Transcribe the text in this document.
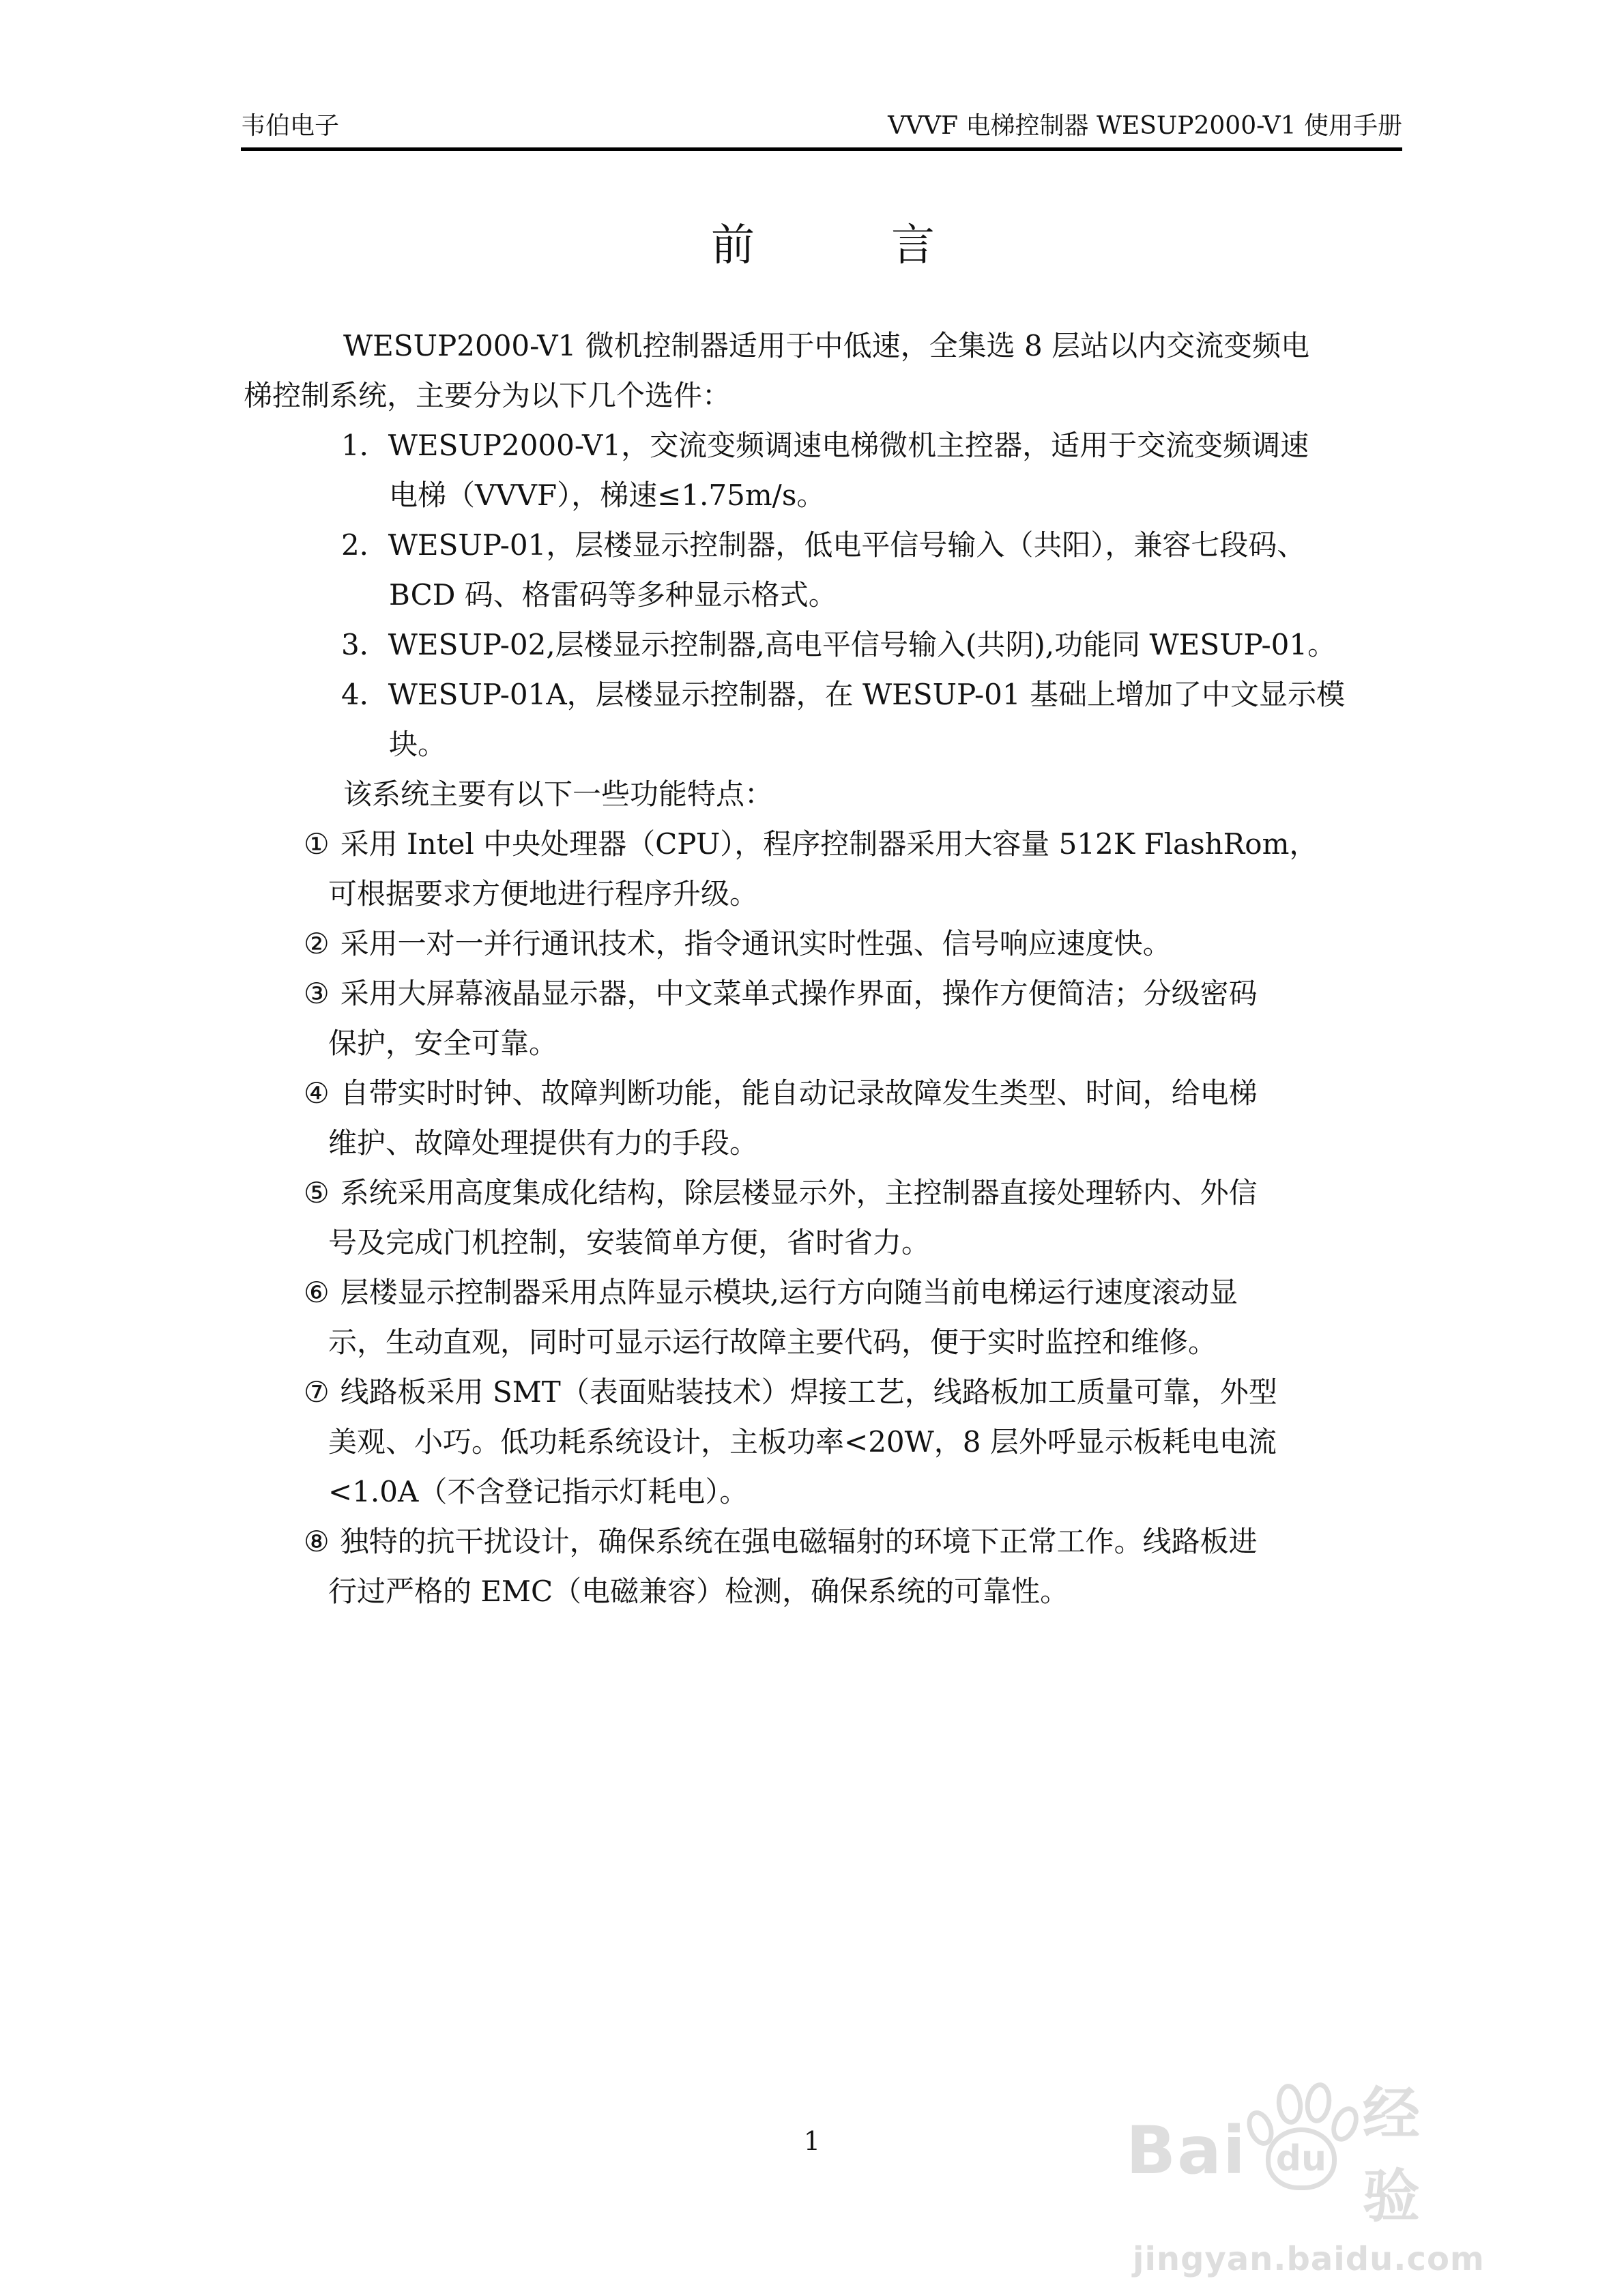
韦伯电子	VVVF 电梯控制器 WESUP2000-V1 使用手册
前　　　言
WESUP2000-V1 微机控制器适用于中低速，全集选 8 层站以内交流变频电
梯控制系统，主要分为以下几个选件：
1．WESUP2000-V1，交流变频调速电梯微机主控器，适用于交流变频调速
电梯（VVVF），梯速≤1.75m/s。
2．WESUP-01，层楼显示控制器，低电平信号输入（共阳），兼容七段码、
BCD 码、格雷码等多种显示格式。
3．WESUP-02,层楼显示控制器,高电平信号输入(共阴),功能同 WESUP-01。
4．WESUP-01A，层楼显示控制器，在 WESUP-01 基础上增加了中文显示模
块。
该系统主要有以下一些功能特点：
① 采用 Intel 中央处理器（CPU），程序控制器采用大容量 512K FlashRom，
可根据要求方便地进行程序升级。
② 采用一对一并行通讯技术，指令通讯实时性强、信号响应速度快。
③ 采用大屏幕液晶显示器，中文菜单式操作界面，操作方便简洁；分级密码
保护，安全可靠。
④ 自带实时时钟、故障判断功能，能自动记录故障发生类型、时间，给电梯
维护、故障处理提供有力的手段。
⑤ 系统采用高度集成化结构，除层楼显示外，主控制器直接处理轿内、外信
号及完成门机控制，安装简单方便，省时省力。
⑥ 层楼显示控制器采用点阵显示模块,运行方向随当前电梯运行速度滚动显
示，生动直观，同时可显示运行故障主要代码，便于实时监控和维修。
⑦ 线路板采用 SMT（表面贴装技术）焊接工艺，线路板加工质量可靠，外型
美观、小巧。低功耗系统设计，主板功率<20W，8 层外呼显示板耗电电流
<1.0A（不含登记指示灯耗电）。
⑧ 独特的抗干扰设计，确保系统在强电磁辐射的环境下正常工作。线路板进
行过严格的 EMC（电磁兼容）检测，确保系统的可靠性。
1	Bai du
经验
jingyan.baidu.com
